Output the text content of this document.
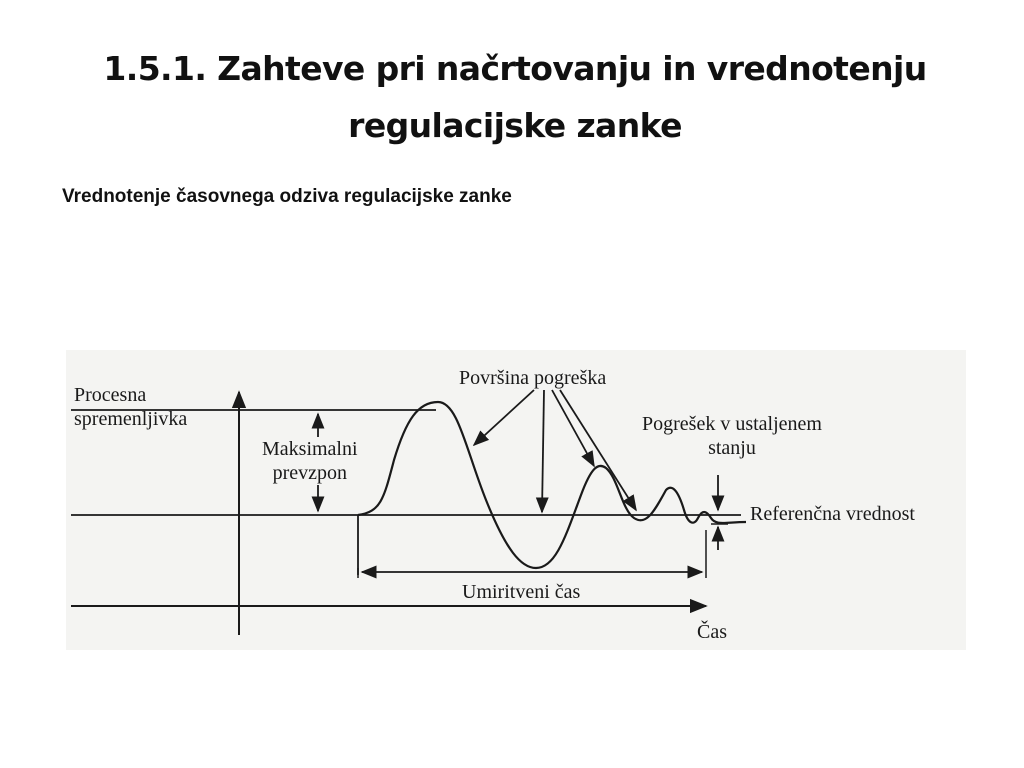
1.5.1. Zahteve pri načrtovanju in vrednotenju
regulacijske zanke
Vrednotenje časovnega odziva regulacijske zanke
Procesna
spremenljivka
Maksimalni
prevzpon
Površina pogreška
Pogrešek v ustaljenem
stanju
Referenčna vrednost
Umiritveni čas
Čas
